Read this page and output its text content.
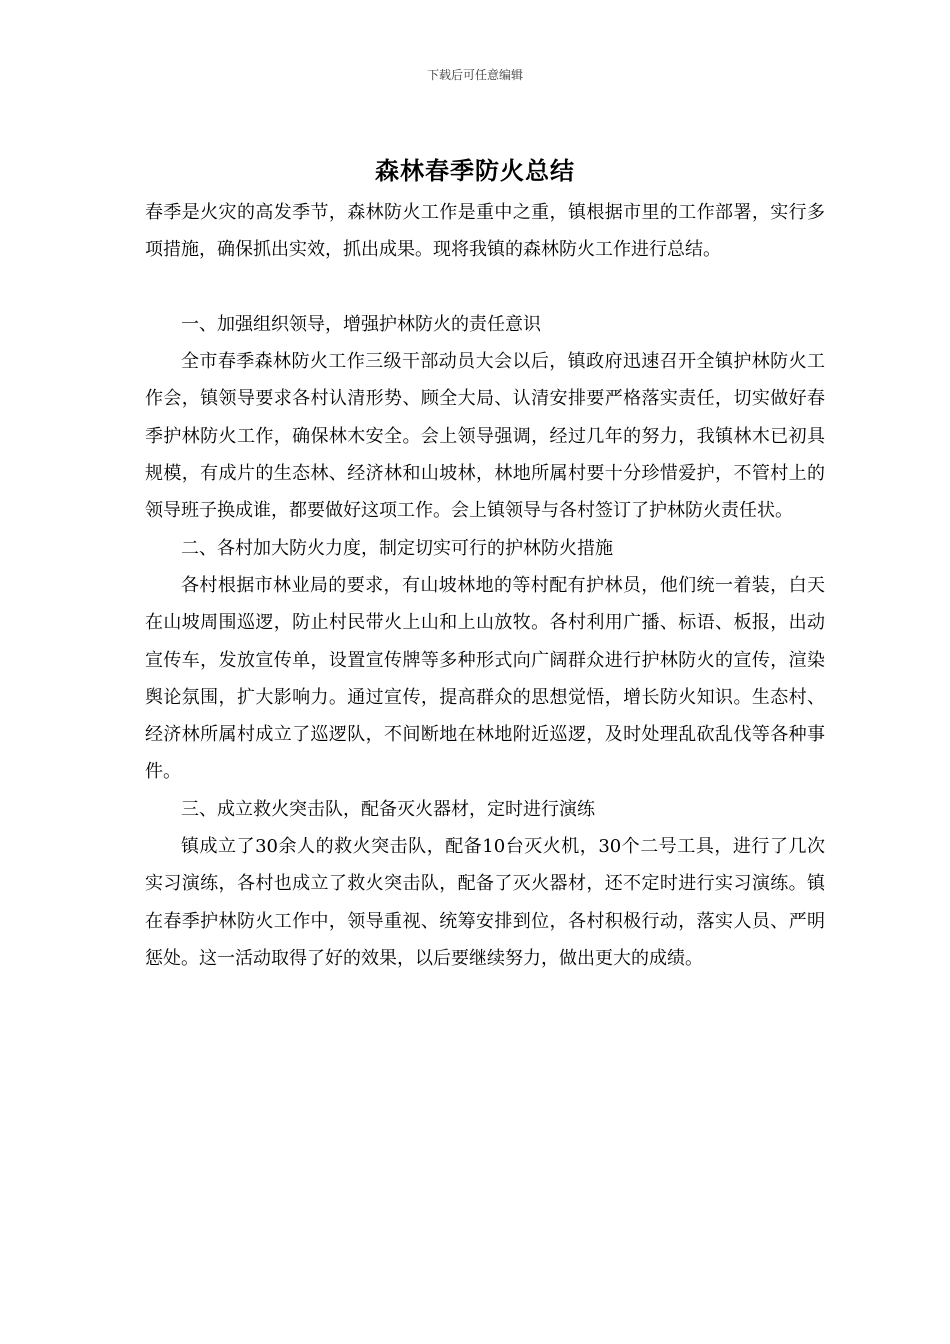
下载后可任意编辑
森林春季防火总结

春季是火灾的高发季节，森林防火工作是重中之重，镇根据市里的工作部署，实行多项措施，确保抓出实效，抓出成果。现将我镇的森林防火工作进行总结。

一、加强组织领导，增强护林防火的责任意识

全市春季森林防火工作三级干部动员大会以后，镇政府迅速召开全镇护林防火工作会，镇领导要求各村认清形势、顾全大局、认清安排要严格落实责任，切实做好春季护林防火工作，确保林木安全。会上领导强调，经过几年的努力，我镇林木已初具规模，有成片的生态林、经济林和山坡林，林地所属村要十分珍惜爱护，不管村上的领导班子换成谁，都要做好这项工作。会上镇领导与各村签订了护林防火责任状。

二、各村加大防火力度，制定切实可行的护林防火措施

各村根据市林业局的要求，有山坡林地的等村配有护林员，他们统一着装，白天在山坡周围巡逻，防止村民带火上山和上山放牧。各村利用广播、标语、板报，出动宣传车，发放宣传单，设置宣传牌等多种形式向广阔群众进行护林防火的宣传，渲染舆论氛围，扩大影响力。通过宣传，提高群众的思想觉悟，增长防火知识。生态村、经济林所属村成立了巡逻队，不间断地在林地附近巡逻，及时处理乱砍乱伐等各种事件。

三、成立救火突击队，配备灭火器材，定时进行演练

镇成立了30余人的救火突击队，配备10台灭火机，30个二号工具，进行了几次实习演练，各村也成立了救火突击队，配备了灭火器材，还不定时进行实习演练。镇在春季护林防火工作中，领导重视、统筹安排到位，各村积极行动，落实人员、严明惩处。这一活动取得了好的效果，以后要继续努力，做出更大的成绩。
